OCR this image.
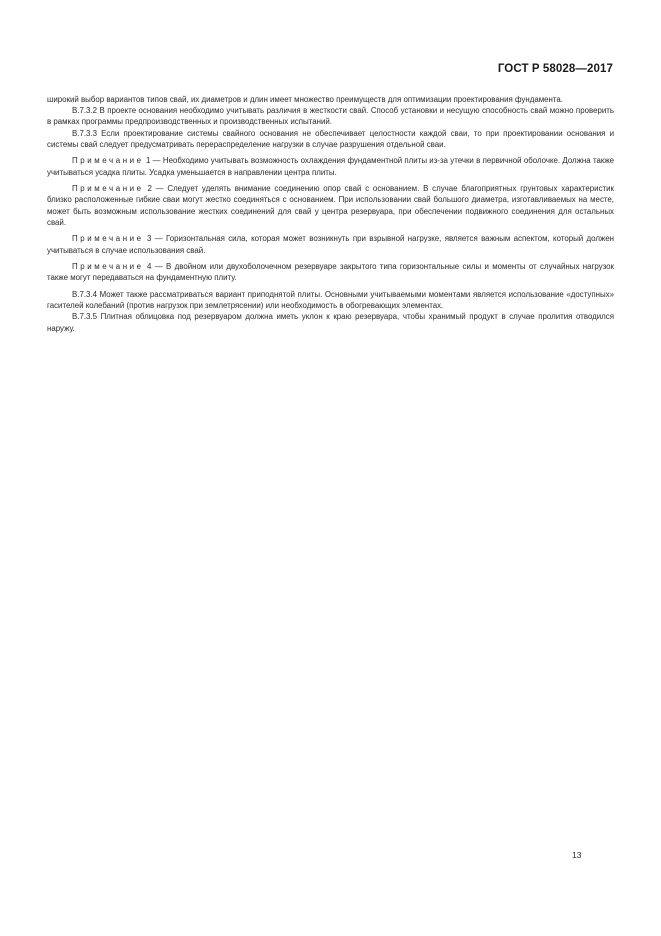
ГОСТ Р 58028—2017

широкий выбор вариантов типов свай, их диаметров и длин имеет множество преимуществ для оптимизации проектирования фундамента.

В.7.3.2 В проекте основания необходимо учитывать различия в жесткости свай. Способ установки и несущую способность свай можно проверить в рамках программы предпроизводственных и производственных испытаний.

В.7.3.3 Если проектирование системы свайного основания не обеспечивает целостности каждой сваи, то при проектировании основания и системы свай следует предусматривать перераспределение нагрузки в случае разрушения отдельной сваи.

Примечание 1 — Необходимо учитывать возможность охлаждения фундаментной плиты из-за утечки в первичной оболочке. Должна также учитываться усадка плиты. Усадка уменьшается в направлении центра плиты.

Примечание 2 — Следует уделять внимание соединению опор свай с основанием. В случае благоприятных грунтовых характеристик близко расположенные гибкие сваи могут жестко соединяться с основанием. При использовании свай большого диаметра, изготавливаемых на месте, может быть возможным использование жестких соединений для свай у центра резервуара, при обеспечении подвижного соединения для остальных свай.

Примечание 3 — Горизонтальная сила, которая может возникнуть при взрывной нагрузке, является важным аспектом, который должен учитываться в случае использования свай.

Примечание 4 — В двойном или двухоболочечном резервуаре закрытого типа горизонтальные силы и моменты от случайных нагрузок также могут передаваться на фундаментную плиту.

В.7.3.4 Может также рассматриваться вариант приподнятой плиты. Основными учитываемыми моментами является использование «доступных» гасителей колебаний (против нагрузок при землетрясении) или необходимость в обогревающих элементах.

В.7.3.5 Плитная облицовка под резервуаром должна иметь уклон к краю резервуара, чтобы хранимый продукт в случае пролития отводился наружу.

13
